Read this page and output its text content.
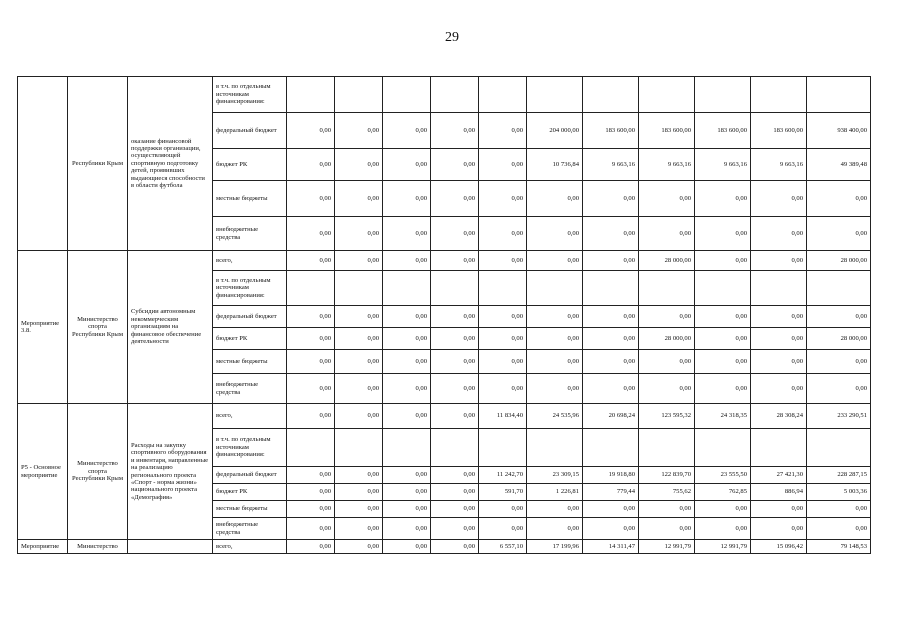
29
	Республики Крым	оказание финансовой поддержки организации, осуществляющей спортивную подготовку детей, проявивших выдающиеся способности в области футбола	в т.ч. по отдельным источникам финансирования:											
			федеральный бюджет	0,00	0,00	0,00	0,00	0,00	204 000,00	183 600,00	183 600,00	183 600,00	183 600,00	938 400,00
			бюджет РК	0,00	0,00	0,00	0,00	0,00	10 736,84	9 663,16	9 663,16	9 663,16	9 663,16	49 389,48
			местные бюджеты	0,00	0,00	0,00	0,00	0,00	0,00	0,00	0,00	0,00	0,00	0,00
			внебюджетные средства	0,00	0,00	0,00	0,00	0,00	0,00	0,00	0,00	0,00	0,00	0,00
Мероприятие 3.8.	Министерство спорта Республики Крым	Субсидии автономным некоммерческим организациям на финансовое обеспечение деятельности	всего,	0,00	0,00	0,00	0,00	0,00	0,00	0,00	28 000,00	0,00	0,00	28 000,00
			в т.ч. по отдельным источникам финансирования:											
			федеральный бюджет	0,00	0,00	0,00	0,00	0,00	0,00	0,00	0,00	0,00	0,00	0,00
			бюджет РК	0,00	0,00	0,00	0,00	0,00	0,00	0,00	28 000,00	0,00	0,00	28 000,00
			местные бюджеты	0,00	0,00	0,00	0,00	0,00	0,00	0,00	0,00	0,00	0,00	0,00
			внебюджетные средства	0,00	0,00	0,00	0,00	0,00	0,00	0,00	0,00	0,00	0,00	0,00
P5 - Основное мероприятие	Министерство спорта Республики Крым	Расходы на закупку спортивного оборудования и инвентаря, направленные на реализацию регионального проекта «Спорт - норма жизни» национального проекта «Демография»	всего,	0,00	0,00	0,00	0,00	11 834,40	24 535,96	20 698,24	123 595,32	24 318,35	28 308,24	233 290,51
			в т.ч. по отдельным источникам финансирования:											
			федеральный бюджет	0,00	0,00	0,00	0,00	11 242,70	23 309,15	19 918,80	122 839,70	23 555,50	27 421,30	228 287,15
			бюджет РК	0,00	0,00	0,00	0,00	591,70	1 226,81	779,44	755,62	762,85	886,94	5 003,36
			местные бюджеты	0,00	0,00	0,00	0,00	0,00	0,00	0,00	0,00	0,00	0,00	0,00
			внебюджетные средства	0,00	0,00	0,00	0,00	0,00	0,00	0,00	0,00	0,00	0,00	0,00
Мероприятие	Министерство		всего,	0,00	0,00	0,00	0,00	6 557,10	17 199,96	14 311,47	12 991,79	12 991,79	15 096,42	79 148,53
